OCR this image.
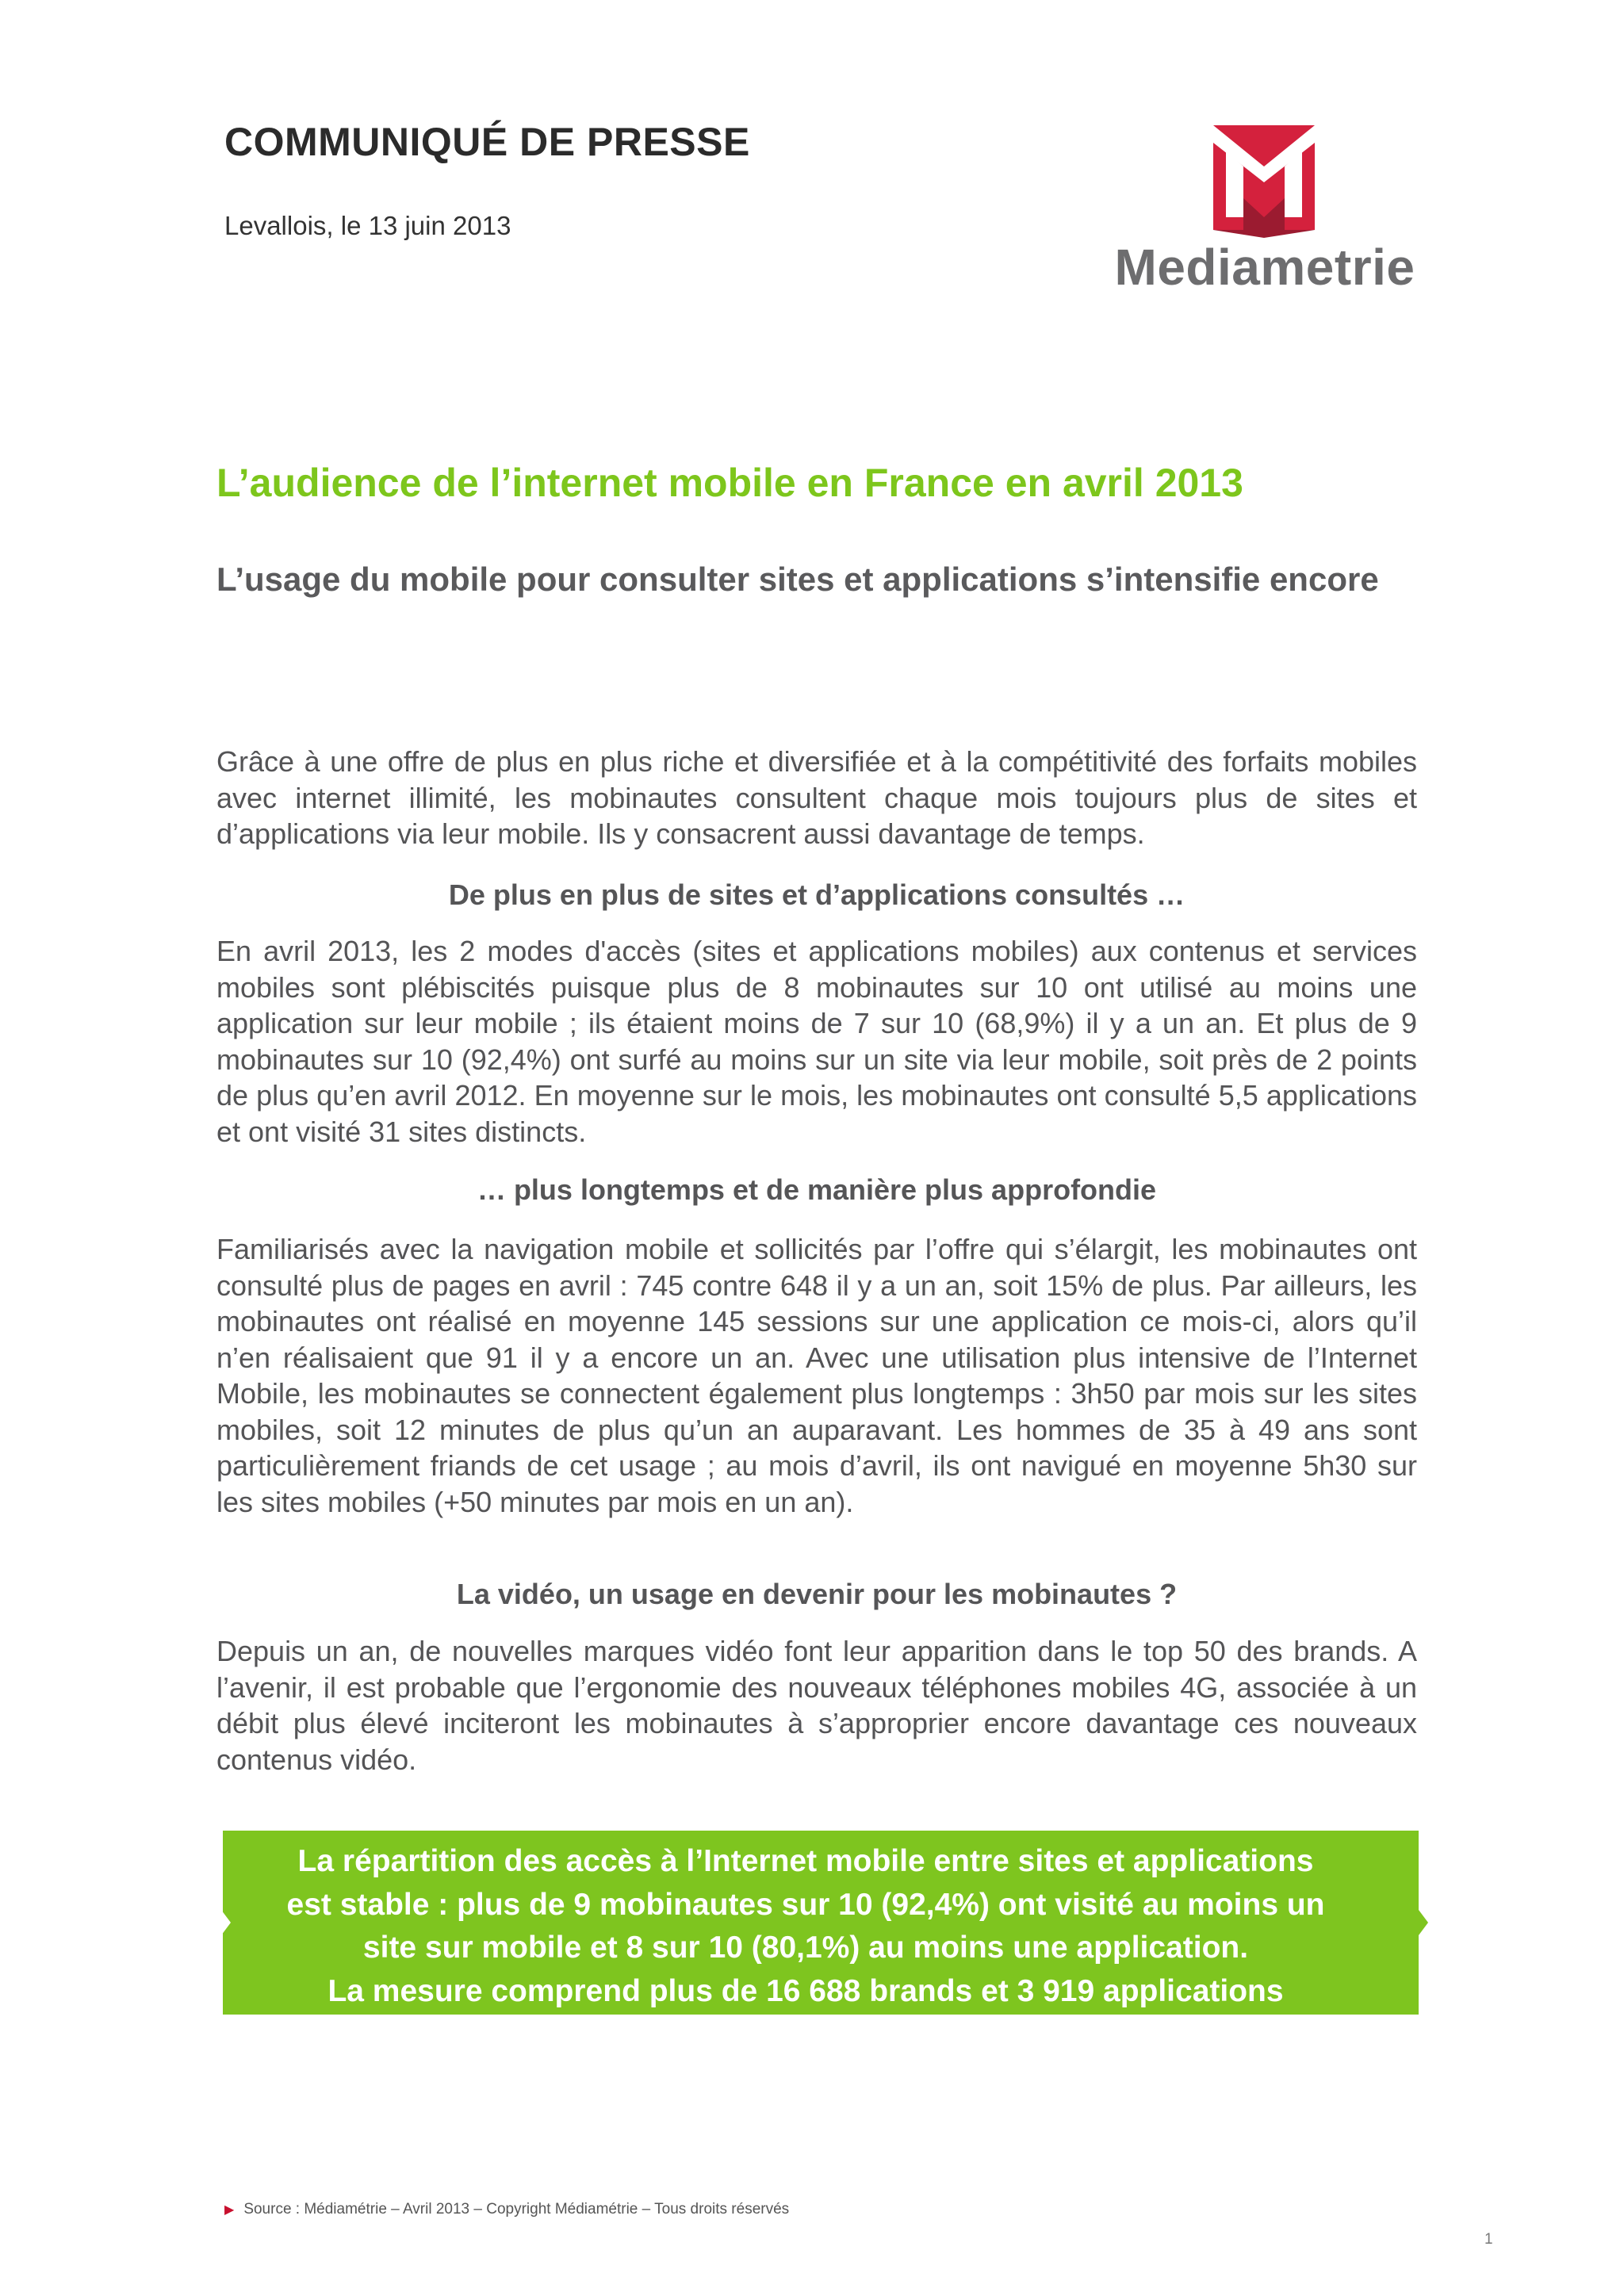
COMMUNIQUÉ DE PRESSE
Levallois, le 13 juin 2013
Mediametrie
L’audience de l’internet mobile en France en avril 2013
L’usage du mobile pour consulter sites et applications s’intensifie encore

Grâce à une offre de plus en plus riche et diversifiée et à la compétitivité des forfaits mobiles avec internet illimité, les mobinautes consultent chaque mois toujours plus de sites et d’applications via leur mobile. Ils y consacrent aussi davantage de temps.

De plus en plus de sites et d’applications consultés …

En avril 2013, les 2 modes d'accès (sites et applications mobiles) aux contenus et services mobiles sont plébiscités puisque plus de 8 mobinautes sur 10 ont utilisé au moins une application sur leur mobile ; ils étaient moins de 7 sur 10 (68,9%) il y a un an. Et plus de 9 mobinautes sur 10 (92,4%) ont surfé au moins sur un site via leur mobile, soit près de 2 points de plus qu’en avril 2012. En moyenne sur le mois, les mobinautes ont consulté 5,5 applications et ont visité 31 sites distincts.

… plus longtemps et de manière plus approfondie

Familiarisés avec la navigation mobile et sollicités par l’offre qui s’élargit, les mobinautes ont consulté plus de pages en avril : 745 contre 648 il y a un an, soit 15% de plus. Par ailleurs, les mobinautes ont réalisé en moyenne 145 sessions sur une application ce mois-ci, alors qu’il n’en réalisaient que 91 il y a encore un an. Avec une utilisation plus intensive de l’Internet Mobile, les mobinautes se connectent également plus longtemps : 3h50 par mois sur les sites mobiles, soit 12 minutes de plus qu’un an auparavant. Les hommes de 35 à 49 ans sont particulièrement friands de cet usage ; au mois d’avril, ils ont navigué en moyenne 5h30 sur les sites mobiles (+50 minutes par mois en un an).

La vidéo, un usage en devenir pour les mobinautes ?

Depuis un an, de nouvelles marques vidéo font leur apparition dans le top 50 des brands. A l’avenir, il est probable que l’ergonomie des nouveaux téléphones mobiles 4G, associée à un débit plus élevé inciteront les mobinautes à s’approprier encore davantage ces nouveaux contenus vidéo.

La répartition des accès à l’Internet mobile entre sites et applications
est stable : plus de 9 mobinautes sur 10 (92,4%) ont visité au moins un
site sur mobile et 8 sur 10 (80,1%) au moins une application.
La mesure comprend plus de 16 688 brands et 3 919 applications
▶ Source : Médiamétrie – Avril 2013 – Copyright Médiamétrie – Tous droits réservés
1
